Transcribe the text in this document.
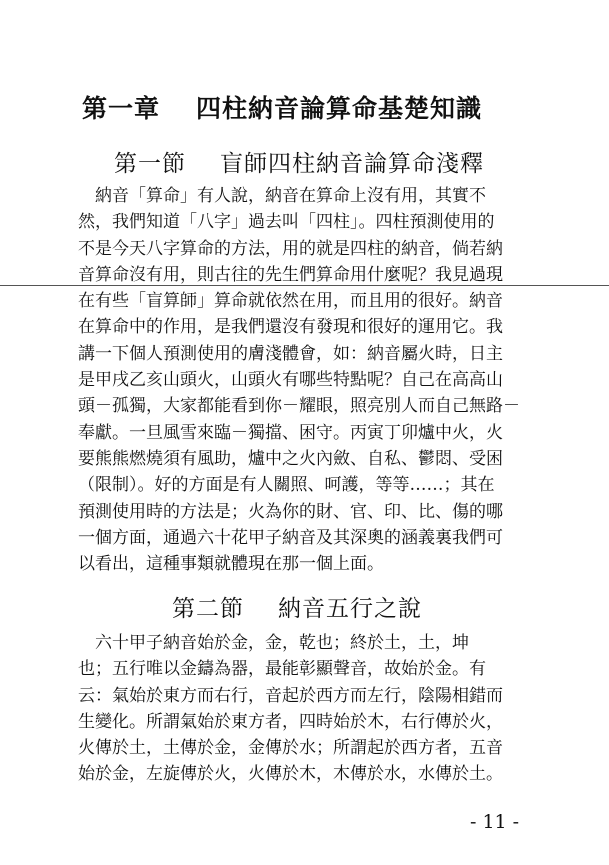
第一章 四柱納音論算命基楚知識
第一節 盲師四柱納音論算命淺釋
　納音「算命」有人說，納音在算命上沒有用，其實不
然，我們知道「八字」過去叫「四柱」。四柱預測使用的
不是今天八字算命的方法，用的就是四柱的納音，倘若納
音算命沒有用，則古往的先生們算命用什麼呢？我見過現
在有些「盲算師」算命就依然在用，而且用的很好。納音
在算命中的作用，是我們還沒有發現和很好的運用它。我
講一下個人預測使用的膚淺體會，如：納音屬火時，日主
是甲戌乙亥山頭火，山頭火有哪些特點呢？自己在高高山
頭－孤獨，大家都能看到你－耀眼，照亮別人而自己無路－
奉獻。一旦風雪來臨－獨擋、困守。丙寅丁卯爐中火，火
要熊熊燃燒須有風助，爐中之火內斂、自私、鬱悶、受困
（限制）。好的方面是有人關照、呵護，等等……；其在
預測使用時的方法是；火為你的財、官、印、比、傷的哪
一個方面，通過六十花甲子納音及其深奧的涵義裏我們可
以看出，這種事類就體現在那一個上面。
第二節 納音五行之說
　六十甲子納音始於金，金，乾也；終於土，土，坤
也；五行唯以金鑄為器，最能彰顯聲音，故始於金。有
云：氣始於東方而右行，音起於西方而左行，陰陽相錯而
生變化。所謂氣始於東方者，四時始於木，右行傳於火，
火傳於土，土傳於金，金傳於水；所謂起於西方者，五音
始於金，左旋傳於火，火傳於木，木傳於水，水傳於土。
- 11 -
